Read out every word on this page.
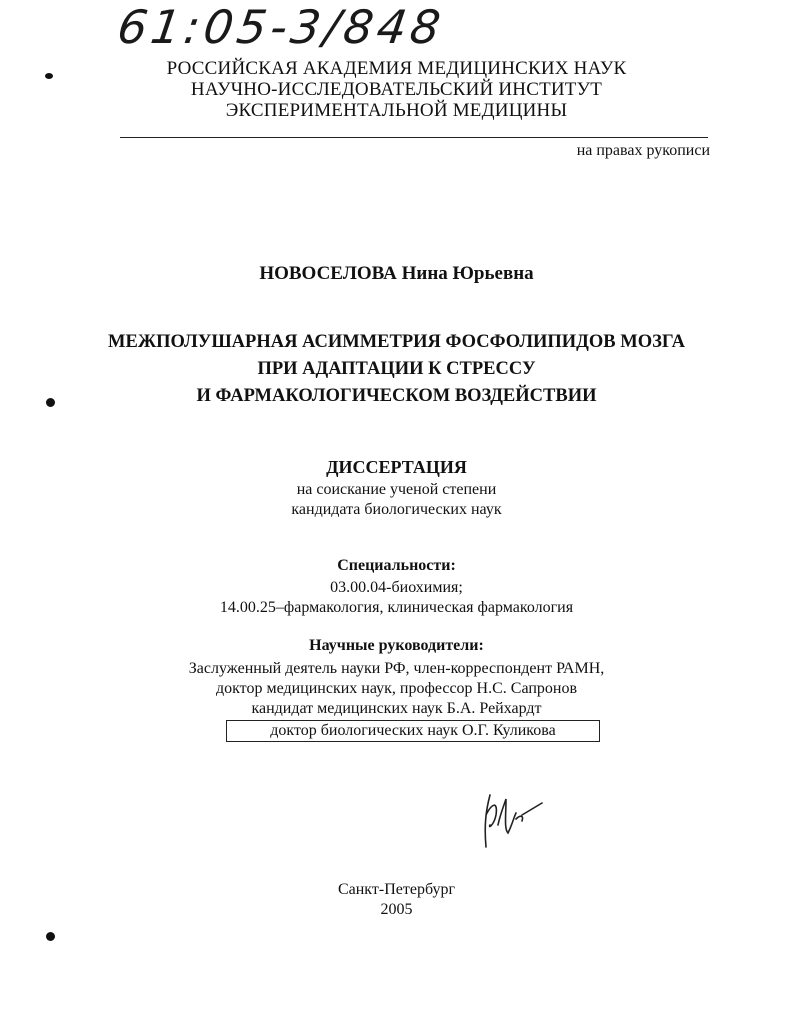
61:05-3/848
РОССИЙСКАЯ АКАДЕМИЯ МЕДИЦИНСКИХ НАУК
НАУЧНО-ИССЛЕДОВАТЕЛЬСКИЙ ИНСТИТУТ
ЭКСПЕРИМЕНТАЛЬНОЙ МЕДИЦИНЫ
на правах рукописи
НОВОСЕЛОВА Нина Юрьевна
МЕЖПОЛУШАРНАЯ АСИММЕТРИЯ ФОСФОЛИПИДОВ МОЗГА
ПРИ АДАПТАЦИИ К СТРЕССУ
И ФАРМАКОЛОГИЧЕСКОМ ВОЗДЕЙСТВИИ
ДИССЕРТАЦИЯ
на соискание ученой степени
кандидата биологических наук
Специальности:
03.00.04-биохимия;
14.00.25–фармакология, клиническая фармакология
Научные руководители:
Заслуженный деятель науки РФ, член-корреспондент РАМН,
доктор медицинских наук, профессор Н.С. Сапронов
кандидат медицинских наук Б.А. Рейхардт
доктор биологических наук О.Г. Куликова
Санкт-Петербург
2005
